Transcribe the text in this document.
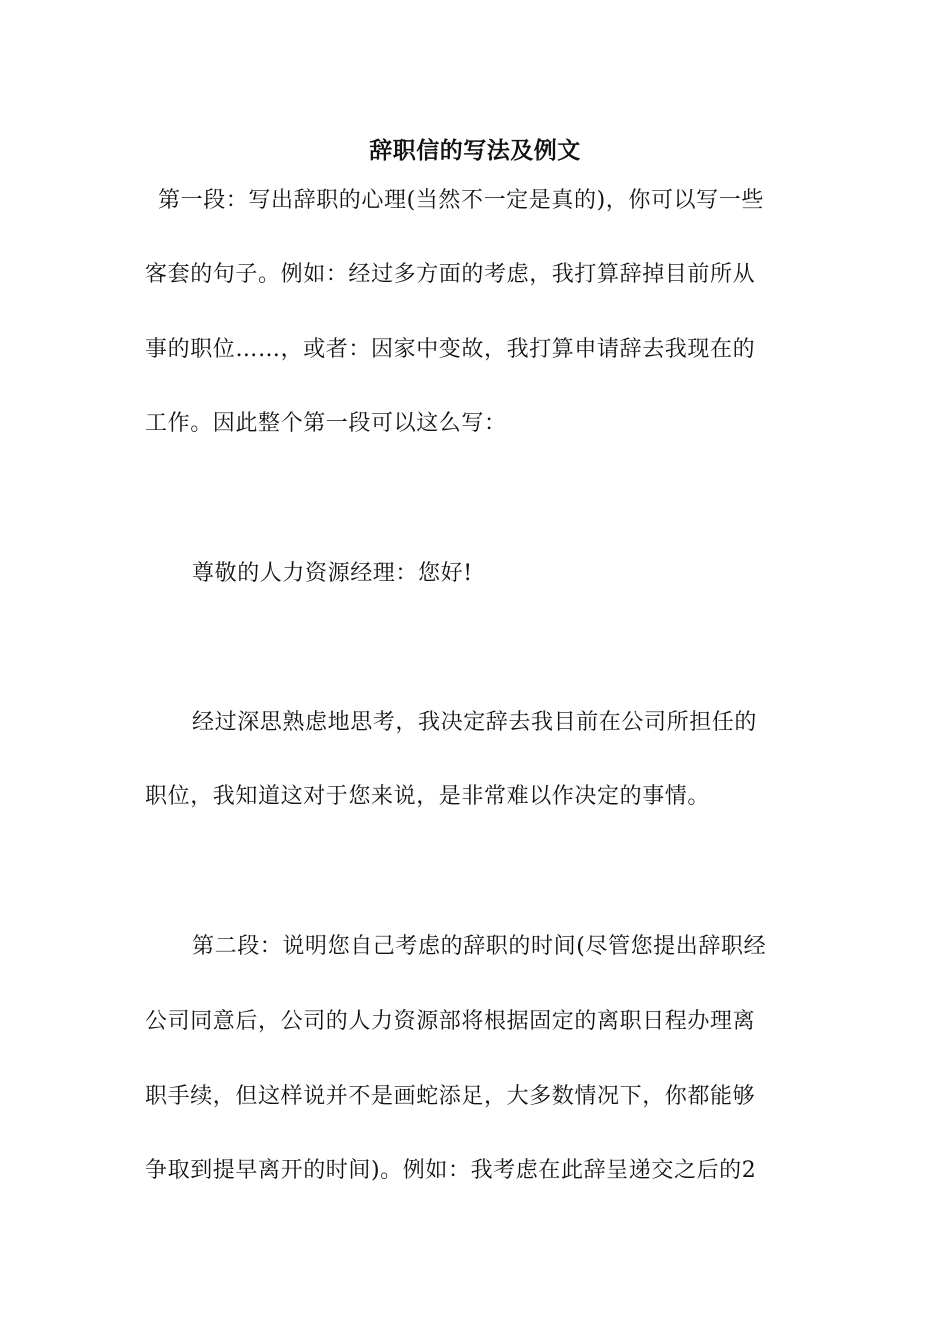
辞职信的写法及例文
第一段：写出辞职的心理(当然不一定是真的)，你可以写一些
客套的句子。例如：经过多方面的考虑，我打算辞掉目前所从
事的职位……，或者：因家中变故，我打算申请辞去我现在的
工作。因此整个第一段可以这么写：
尊敬的人力资源经理：您好!
经过深思熟虑地思考，我决定辞去我目前在公司所担任的
职位，我知道这对于您来说，是非常难以作决定的事情。
第二段：说明您自己考虑的辞职的时间(尽管您提出辞职经
公司同意后，公司的人力资源部将根据固定的离职日程办理离
职手续，但这样说并不是画蛇添足，大多数情况下，你都能够
争取到提早离开的时间)。例如：我考虑在此辞呈递交之后的2
